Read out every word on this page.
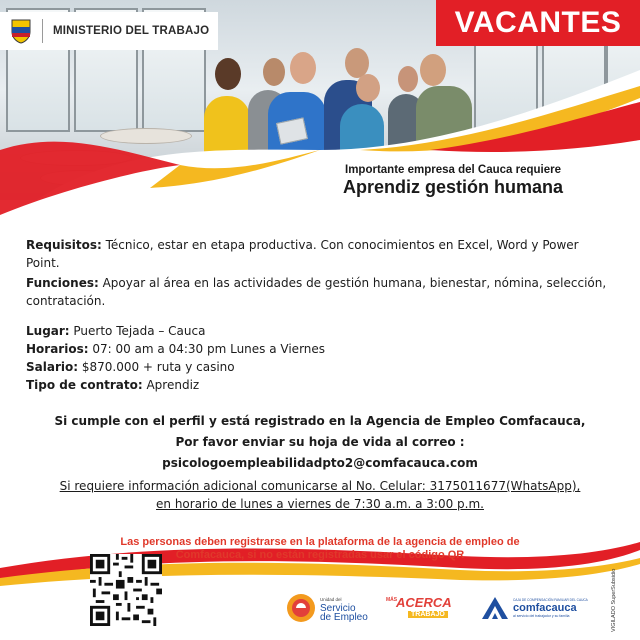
MINISTERIO DEL TRABAJO	VACANTES
Importante empresa del Cauca requiere
Aprendiz gestión humana
Requisitos: Técnico, estar en etapa productiva. Con conocimientos en Excel, Word y Power Point.
Funciones: Apoyar al área en las actividades de gestión humana, bienestar, nómina, selección, contratación.
Lugar: Puerto Tejada – Cauca
Horarios: 07: 00 am a 04:30 pm Lunes a Viernes
Salario: $870.000 + ruta y casino
Tipo de contrato: Aprendiz
Si cumple con el perfil y está registrado en la Agencia de Empleo Comfacauca,
Por favor enviar su hoja de vida al correo :
psicologoempleabilidadpto2@comfacauca.com
Si requiere información adicional comunicarse al No. Celular: 3175011677(WhatsApp),
en horario de lunes a viernes de 7:30 a.m. a 3:00 p.m.
Las personas deben registrarse en la plataforma de la agencia de empleo de
Comfacauca, si no están registradas usar el código QR
Unidad del
Servicio
de Empleo
MÁS
ACERCA
TRABAJO
CAJA DE COMPENSACIÓN FAMILIAR DEL CAUCA
comfacauca
al servicio del trabajador y su familia	VIGILADO SuperSubsidio
